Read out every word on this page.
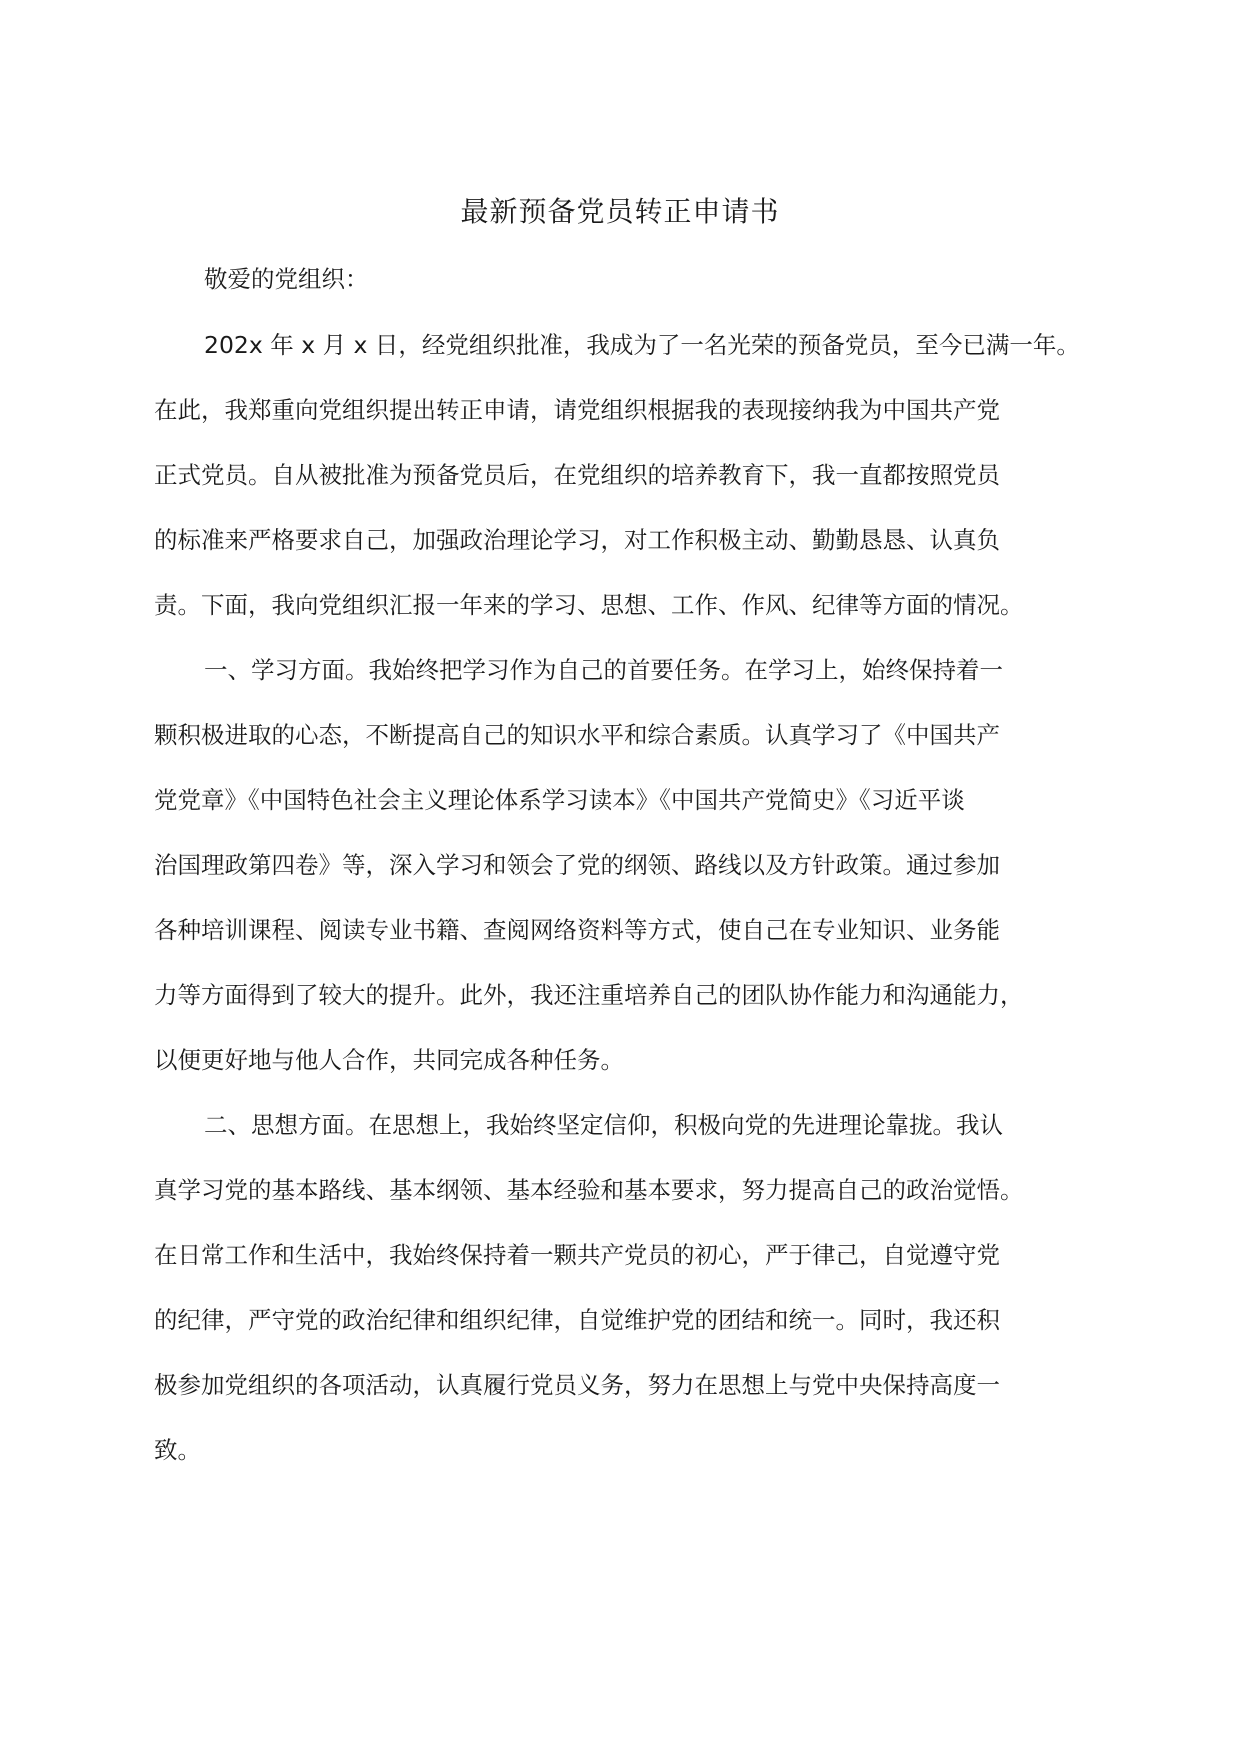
最新预备党员转正申请书

敬爱的党组织：

202x 年 x 月 x 日，经党组织批准，我成为了一名光荣的预备党员，至今已满一年。
在此，我郑重向党组织提出转正申请，请党组织根据我的表现接纳我为中国共产党
正式党员。自从被批准为预备党员后，在党组织的培养教育下，我一直都按照党员
的标准来严格要求自己，加强政治理论学习，对工作积极主动、勤勤恳恳、认真负
责。下面，我向党组织汇报一年来的学习、思想、工作、作风、纪律等方面的情况。

一、学习方面。我始终把学习作为自己的首要任务。在学习上，始终保持着一
颗积极进取的心态，不断提高自己的知识水平和综合素质。认真学习了《中国共产
党党章》《中国特色社会主义理论体系学习读本》《中国共产党简史》《习近平谈
治国理政第四卷》等，深入学习和领会了党的纲领、路线以及方针政策。通过参加
各种培训课程、阅读专业书籍、查阅网络资料等方式，使自己在专业知识、业务能
力等方面得到了较大的提升。此外，我还注重培养自己的团队协作能力和沟通能力，
以便更好地与他人合作，共同完成各种任务。

二、思想方面。在思想上，我始终坚定信仰，积极向党的先进理论靠拢。我认
真学习党的基本路线、基本纲领、基本经验和基本要求，努力提高自己的政治觉悟。
在日常工作和生活中，我始终保持着一颗共产党员的初心，严于律己，自觉遵守党
的纪律，严守党的政治纪律和组织纪律，自觉维护党的团结和统一。同时，我还积
极参加党组织的各项活动，认真履行党员义务，努力在思想上与党中央保持高度一
致。
